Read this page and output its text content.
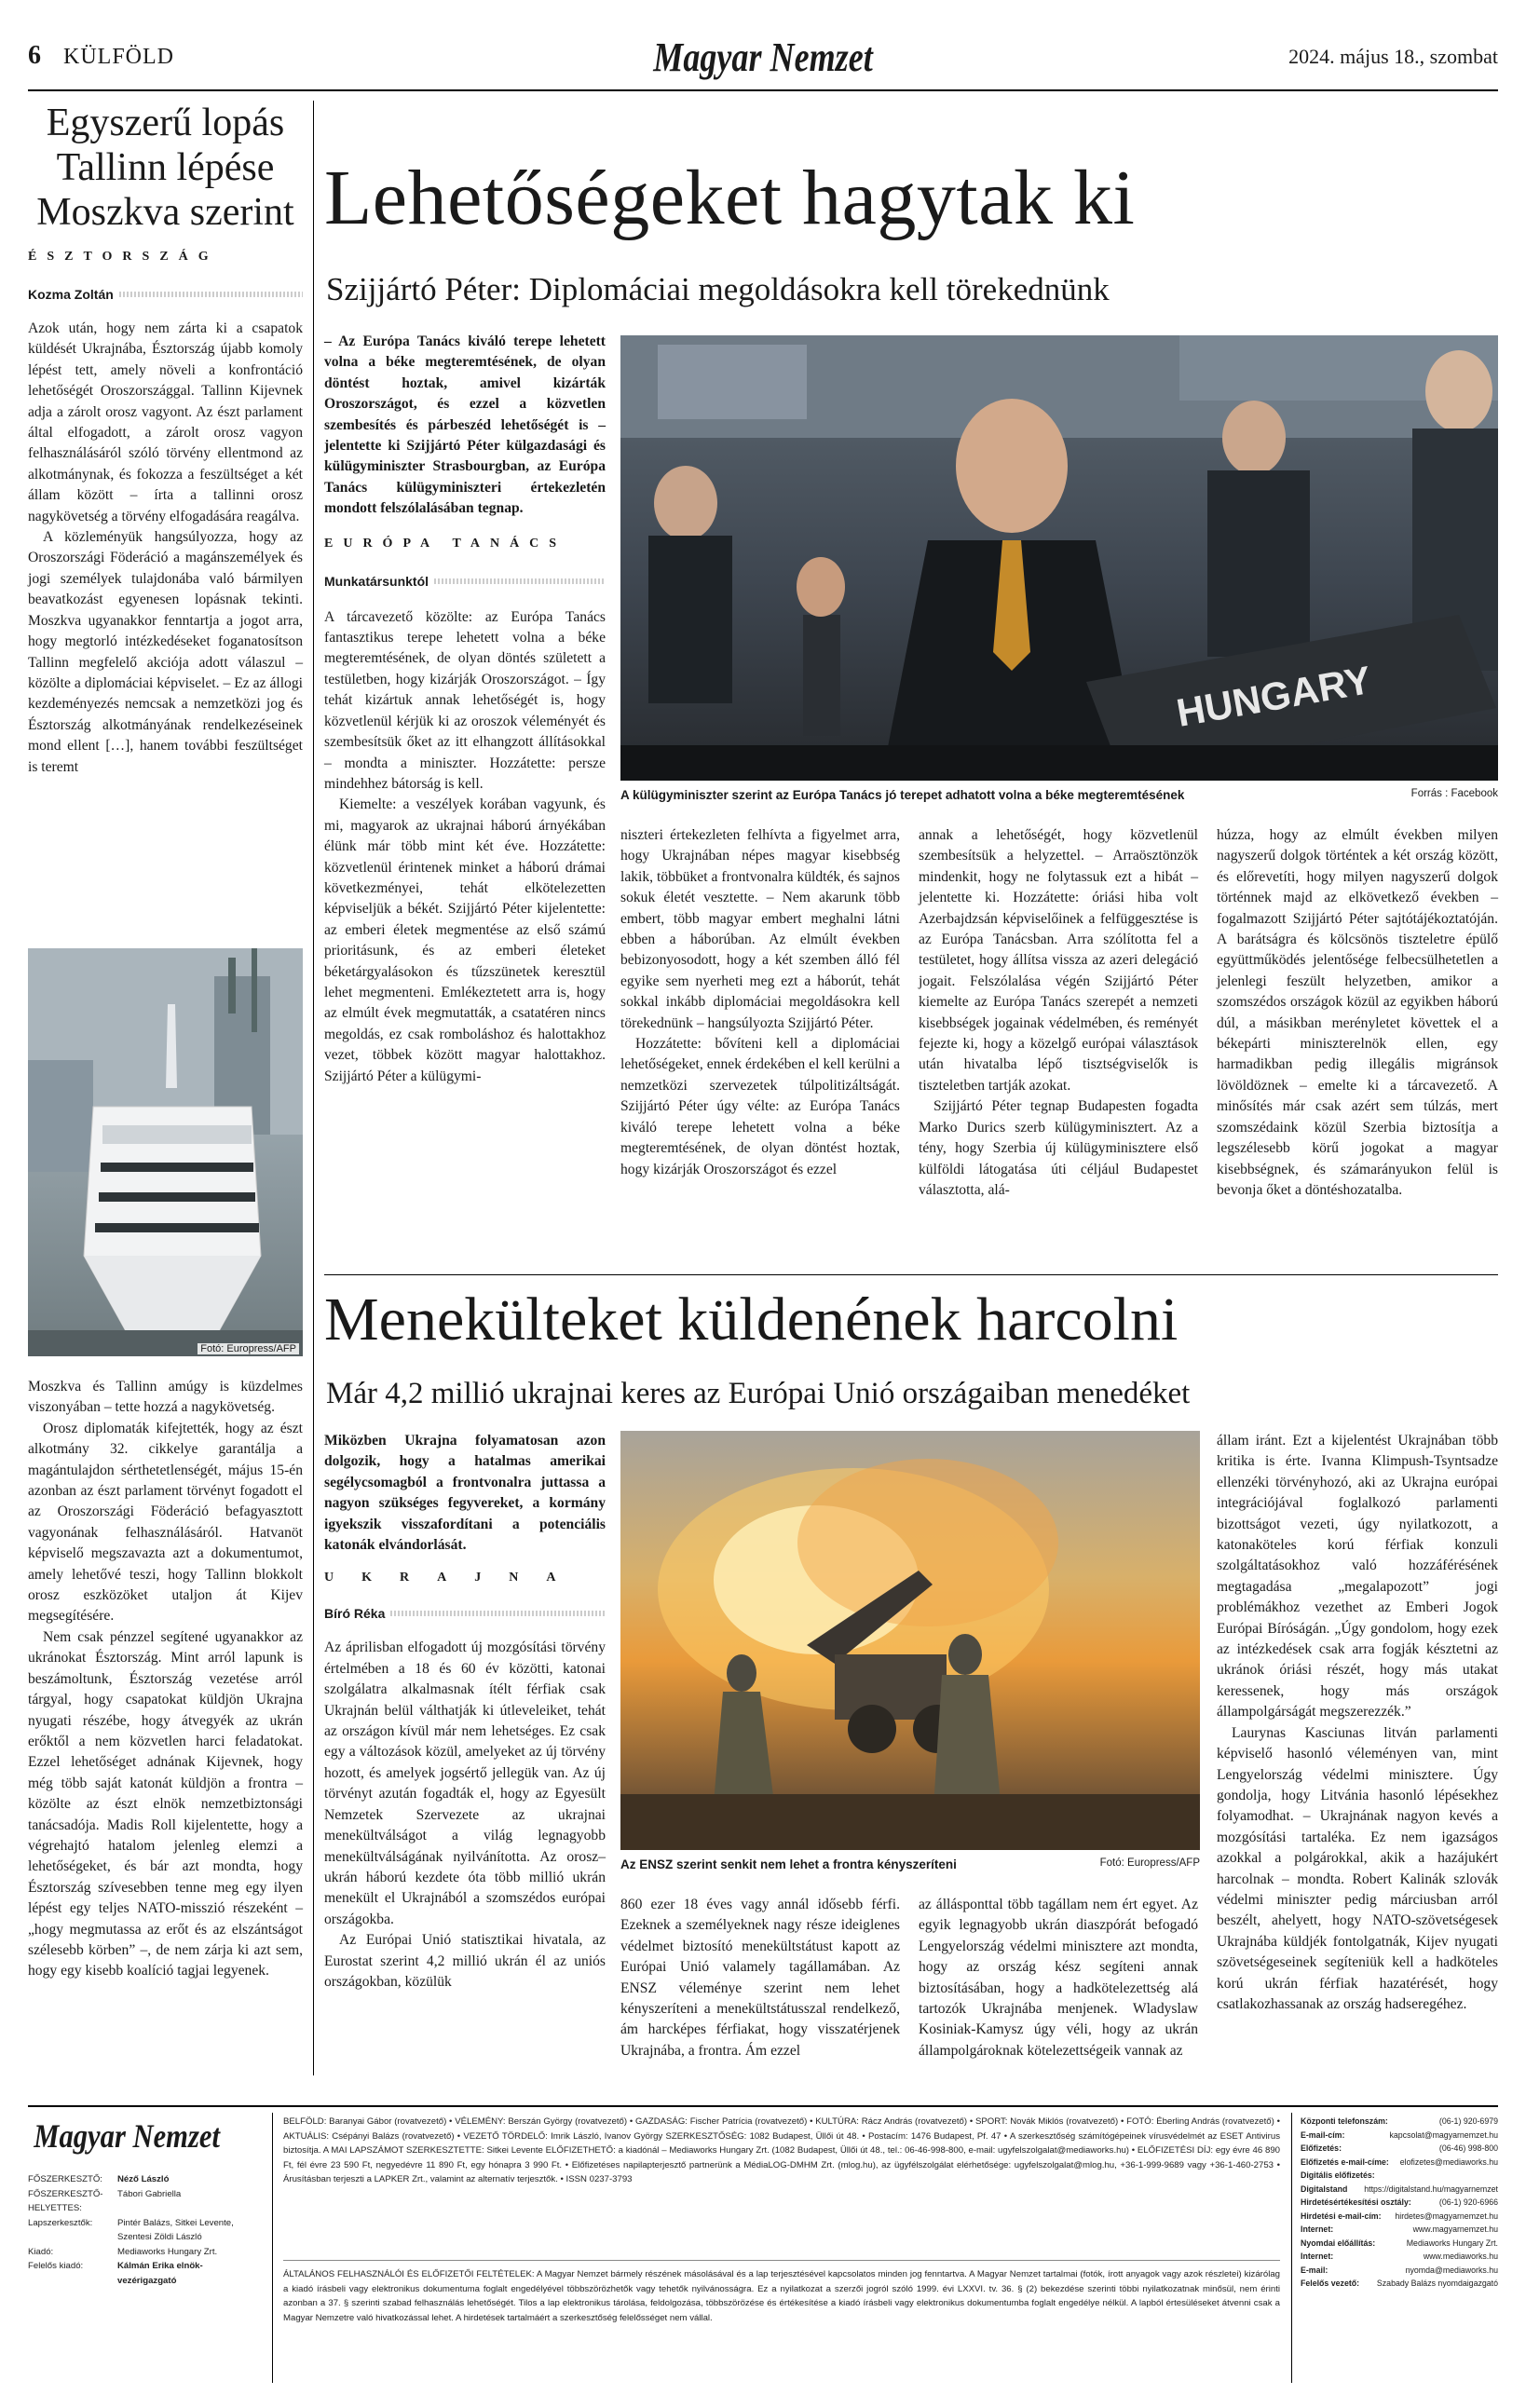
6 KÜLFÖLD	Magyar Nemzet	2024. május 18., szombat
Egyszerű lopás Tallinn lépése Moszkva szerint
ÉSZTORSZÁG
Kozma Zoltán

Azok után, hogy nem zárta ki a csapatok küldését Ukrajnába, Észtország újabb komoly lépést tett, amely növeli a konfrontáció lehetőségét Oroszországgal. Tallinn Kijevnek adja a zárolt orosz vagyont. Az észt parlament által elfogadott, a zárolt orosz vagyon felhasználásáról szóló törvény ellentmond az alkotmánynak, és fokozza a feszültséget a két állam között – írta a tallinni orosz nagykövetség a törvény elfogadására reagálva.

A közleményük hangsúlyozza, hogy az Oroszországi Föderáció a magánszemélyek és jogi személyek tulajdonába való bármilyen beavatkozást egyenesen lopásnak tekinti. Moszkva ugyanakkor fenntartja a jogot arra, hogy megtorló intézkedéseket foganatosítson Tallinn megfelelő akciója adott válaszul – közölte a diplomáciai képviselet. – Ez az állogi kezdeményezés nemcsak a nemzetközi jog és Észtország alkotmányának rendelkezéseinek mond ellent […], hanem további feszültséget is teremt

Fotó: Europress/AFP

Moszkva és Tallinn amúgy is küzdelmes viszonyában – tette hozzá a nagykövetség.

Orosz diplomaták kifejtették, hogy az észt alkotmány 32. cikkelye garantálja a magántulajdon sérthetetlenségét, május 15-én azonban az észt parlament törvényt fogadott el az Oroszországi Föderáció befagyasztott vagyonának felhasználásáról. Hatvanöt képviselő megszavazta azt a dokumentumot, amely lehetővé teszi, hogy Tallinn blokkolt orosz eszközöket utaljon át Kijev megsegítésére.

Nem csak pénzzel segítené ugyanakkor az ukránokat Észtország. Mint arról lapunk is beszámoltunk, Észtország vezetése arról tárgyal, hogy csapatokat küldjön Ukrajna nyugati részébe, hogy átvegyék az ukrán erőktől a nem közvetlen harci feladatokat. Ezzel lehetőséget adnának Kijevnek, hogy még több saját katonát küldjön a frontra – közölte az észt elnök nemzetbiztonsági tanácsadója. Madis Roll kijelentette, hogy a végrehajtó hatalom jelenleg elemzi a lehetőségeket, és bár azt mondta, hogy Észtország szívesebben tenne meg egy ilyen lépést egy teljes NATO-misszió részeként – „hogy megmutassa az erőt és az elszántságot szélesebb körben” –, de nem zárja ki azt sem, hogy egy kisebb koalíció tagjai legyenek.

Lehetőségeket hagytak ki
Szijjártó Péter: Diplomáciai megoldásokra kell törekednünk
– Az Európa Tanács kiváló terepe lehetett volna a béke megteremtésének, de olyan döntést hoztak, amivel kizárták Oroszországot, és ezzel a közvetlen szembesítés és párbeszéd lehetőségét is – jelentette ki Szijjártó Péter külgazdasági és külügyminiszter Strasbourgban, az Európa Tanács külügyminiszteri értekezletén mondott felszólalásában tegnap.
EURÓPA TANÁCS
Munkatársunktól

A tárcavezető közölte: az Európa Tanács fantasztikus terepe lehetett volna a béke megteremtésének, de olyan döntés született a testületben, hogy kizárják Oroszországot. – Így tehát kizártuk annak lehetőségét is, hogy közvetlenül kérjük ki az oroszok véleményét és szembesítsük őket az itt elhangzott állításokkal – mondta a miniszter. Hozzátette: persze mindehhez bátorság is kell.

Kiemelte: a veszélyek korában vagyunk, és mi, magyarok az ukrajnai háború árnyékában élünk már több mint két éve. Hozzátette: közvetlenül érintenek minket a háború drámai következményei, tehát elkötelezetten képviseljük a békét. Szijjártó Péter kijelentette: az emberi életek megmentése az első számú prioritásunk, és az emberi életeket béketárgyalásokon és tűzszünetek keresztül lehet megmenteni. Emlékeztetett arra is, hogy az elmúlt évek megmutatták, a csatatéren nincs megoldás, ez csak romboláshoz és halottakhoz vezet, többek között magyar halottakhoz. Szijjártó Péter a külügymi-

HUNGARY
A külügyminiszter szerint az Európa Tanács jó terepet adhatott volna a béke megteremtésének	Forrás : Facebook

niszteri értekezleten felhívta a figyelmet arra, hogy Ukrajnában népes magyar kisebbség lakik, többüket a frontvonalra küldték, és sajnos sokuk életét vesztette. – Nem akarunk több embert, több magyar embert meghalni látni ebben a háborúban. Az elmúlt években bebizonyosodott, hogy a két szemben álló fél egyike sem nyerheti meg ezt a háborút, tehát sokkal inkább diplomáciai megoldásokra kell törekednünk – hangsúlyozta Szijjártó Péter.

Hozzátette: bővíteni kell a diplomáciai lehetőségeket, ennek érdekében el kell kerülni a nemzetközi szervezetek túlpolitizáltságát. Szijjártó Péter úgy vélte: az Európa Tanács kiváló terepe lehetett volna a béke megteremtésének, de olyan döntést hoztak, hogy kizárják Oroszországot és ezzel

annak a lehetőségét, hogy közvetlenül szembesítsük a helyzettel. – Arraösztönzök mindenkit, hogy ne folytassuk ezt a hibát – jelentette ki. Hozzátette: óriási hiba volt Azerbajdzsán képviselőinek a felfüggesztése is az Európa Tanácsban. Arra szólította fel a testületet, hogy állítsa vissza az azeri delegáció jogait. Felszólalása végén Szijjártó Péter kiemelte az Európa Tanács szerepét a nemzeti kisebbségek jogainak védelmében, és reményét fejezte ki, hogy a közelgő európai választások után hivatalba lépő tisztségviselők is tiszteletben tartják azokat.

Szijjártó Péter tegnap Budapesten fogadta Marko Durics szerb külügyminisztert. Az a tény, hogy Szerbia új külügyminisztere első külföldi látogatása úti céljául Budapestet választotta, alá-

húzza, hogy az elmúlt években milyen nagyszerű dolgok történtek a két ország között, és előrevetíti, hogy milyen nagyszerű dolgok történnek majd az elkövetkező években – fogalmazott Szijjártó Péter sajtótájékoztatóján. A barátságra és kölcsönös tiszteletre épülő együttműködés jelentősége felbecsülhetetlen a jelenlegi feszült helyzetben, amikor a szomszédos országok közül az egyikben háború dúl, a másikban merényletet követtek el a békepárti miniszterelnök ellen, egy harmadikban pedig illegális migránsok lövöldöznek – emelte ki a tárcavezető. A minősítés már csak azért sem túlzás, mert szomszédaink közül Szerbia biztosítja a legszélesebb körű jogokat a magyar kisebbségnek, és számarányukon felül is bevonja őket a döntéshozatalba.

Menekülteket küldenének harcolni
Már 4,2 millió ukrajnai keres az Európai Unió országaiban menedéket
Miközben Ukrajna folyamatosan azon dolgozik, hogy a hatalmas amerikai segélycsomagból a frontvonalra juttassa a nagyon szükséges fegyvereket, a kormány igyekszik visszafordítani a potenciális katonák elvándorlását.
UKRAJNA
Bíró Réka

Az áprilisban elfogadott új mozgósítási törvény értelmében a 18 és 60 év közötti, katonai szolgálatra alkalmasnak ítélt férfiak csak Ukrajnán belül válthatják ki útleveleiket, tehát az országon kívül már nem lehetséges. Ez csak egy a változások közül, amelyeket az új törvény hozott, és amelyek jogsértő jellegük van. Az új törvényt azután fogadták el, hogy az Egyesült Nemzetek Szervezete az ukrajnai menekültválságot a világ legnagyobb menekültválságának nyilvánította. Az orosz–ukrán háború kezdete óta több millió ukrán menekült el Ukrajnából a szomszédos európai országokba.

Az Európai Unió statisztikai hivatala, az Eurostat szerint 4,2 millió ukrán él az uniós országokban, közülük

Az ENSZ szerint senkit nem lehet a frontra kényszeríteni	Fotó: Europress/AFP

860 ezer 18 éves vagy annál idősebb férfi. Ezeknek a személyeknek nagy része ideiglenes védelmet biztosító menekültstátust kapott az Európai Unió valamely tagállamában. Az ENSZ véleménye szerint nem lehet kényszeríteni a menekültstátusszal rendelkező, ám harcképes férfiakat, hogy visszatérjenek Ukrajnába, a frontra. Ám ezzel

az állásponttal több tagállam nem ért egyet. Az egyik legnagyobb ukrán diaszpórát befogadó Lengyelország védelmi minisztere azt mondta, hogy az ország kész segíteni annak biztosításában, hogy a hadkötelezettség alá tartozók Ukrajnába menjenek. Wladyslaw Kosiniak-Kamysz úgy véli, hogy az ukrán állampolgároknak kötelezettségeik vannak az

állam iránt. Ezt a kijelentést Ukrajnában több kritika is érte. Ivanna Klimpush-Tsyntsadze ellenzéki törvényhozó, aki az Ukrajna európai integrációjával foglalkozó parlamenti bizottságot vezeti, úgy nyilatkozott, a katonaköteles korú férfiak konzuli szolgáltatásokhoz való hozzáférésének megtagadása „megalapozott” jogi problémákhoz vezethet az Emberi Jogok Európai Bíróságán. „Úgy gondolom, hogy ezek az intézkedések csak arra fogják késztetni az ukránok óriási részét, hogy más utakat keressenek, hogy más országok állampolgárságát megszerezzék.”

Laurynas Kasciunas litván parlamenti képviselő hasonló véleményen van, mint Lengyelország védelmi minisztere. Úgy gondolja, hogy Litvánia hasonló lépésekhez folyamodhat. – Ukrajnának nagyon kevés a mozgósítási tartaléka. Ez nem igazságos azokkal a polgárokkal, akik a hazájukért harcolnak – mondta. Robert Kalinák szlovák védelmi miniszter pedig márciusban arról beszélt, ahelyett, hogy NATO-szövetségesek Ukrajnába küldjék fontolgatnák, Kijev nyugati szövetségeseinek segíteniük kell a hadköteles korú ukrán férfiak hazatérését, hogy csatlakozhassanak az ország hadseregéhez.

Magyar Nemzet
FŐSZERKESZTŐ:	Néző László
FŐSZERKESZTŐ-HELYETTES:
Tábori Gabriella
Lapszerkesztők:	Pintér Balázs, Sitkei Levente, Szentesi Zöldi László
Kiadó:	Mediaworks Hungary Zrt.
Felelős kiadó:	Kálmán Erika elnök-vezérigazgató
BELFÖLD: Baranyai Gábor (rovatvezető) • VÉLEMÉNY: Berszán György (rovatvezető) • GAZDASÁG: Fischer Patrícia (rovatvezető) • KULTÚRA: Rácz András (rovatvezető) • SPORT: Novák Miklós (rovatvezető) • FOTÓ: Éberling András (rovatvezető) • AKTUÁLIS: Csépányi Balázs (rovatvezető) • VEZETŐ TÖRDELŐ: Imrik László, Ivanov György SZERKESZTŐSÉG: 1082 Budapest, Üllői út 48. • Postacím: 1476 Budapest, Pf. 47 • A szerkesztőség számítógépeinek vírusvédelmét az ESET Antivirus biztosítja. A MAI LAPSZÁMOT SZERKESZTETTE: Sitkei Levente ELŐFIZETHETŐ: a kiadónál – Mediaworks Hungary Zrt. (1082 Budapest, Üllői út 48., tel.: 06-46-998-800, e-mail: ugyfelszolgalat@mediaworks.hu) • ELŐFIZETÉSI DÍJ: egy évre 46 890 Ft, fél évre 23 590 Ft, negyedévre 11 890 Ft, egy hónapra 3 990 Ft. • Előfizetéses napilapterjesztő partnerünk a MédiaLOG-DMHM Zrt. (mlog.hu), az ügyfélszolgálat elérhetősége: ugyfelszolgalat@mlog.hu, +36-1-999-9689 vagy +36-1-460-2753 • Árusításban terjeszti a LAPKER Zrt., valamint az alternatív terjesztők. • ISSN 0237-3793
ÁLTALÁNOS FELHASZNÁLÓI ÉS ELŐFIZETŐI FELTÉTELEK: A Magyar Nemzet bármely részének másolásával és a lap terjesztésével kapcsolatos minden jog fenntartva. A Magyar Nemzet tartalmai (fotók, írott anyagok vagy azok részletei) kizárólag a kiadó írásbeli vagy elektronikus dokumentuma foglalt engedélyével többszörözhetők vagy tehetők nyilvánosságra. Ez a nyilatkozat a szerzői jogról szóló 1999. évi LXXVI. tv. 36. § (2) bekezdése szerinti többi nyilatkozatnak minősül, nem érinti azonban a 37. § szerinti szabad felhasználás lehetőségét. Tilos a lap elektronikus tárolása, feldolgozása, többszörözése és értékesítése a kiadó írásbeli vagy elektronikus dokumentumba foglalt engedélye nélkül. A lapból értesüléseket átvenni csak a Magyar Nemzetre való hivatkozással lehet. A hirdetések tartalmáért a szerkesztőség felelősséget nem vállal.
Központi telefonszám:	(06-1) 920-6979
E-mail-cím:	kapcsolat@magyarnemzet.hu
Előfizetés:	(06-46) 998-800
Előfizetés e-mail-címe: elofizetes@mediaworks.hu
Digitális előfizetés:
Digitalstand https://digitalstand.hu/magyarnemzet
Hirdetésértékesítési osztály:	(06-1) 920-6966
Hirdetési e-mail-cím: hirdetes@magyarnemzet.hu
Internet:	www.magyarnemzet.hu
Nyomdai előállítás:	Mediaworks Hungary Zrt.
Internet:	www.mediaworks.hu
E-mail:	nyomda@mediaworks.hu
Felelős vezető: Szabady Balázs nyomdaigazgató
